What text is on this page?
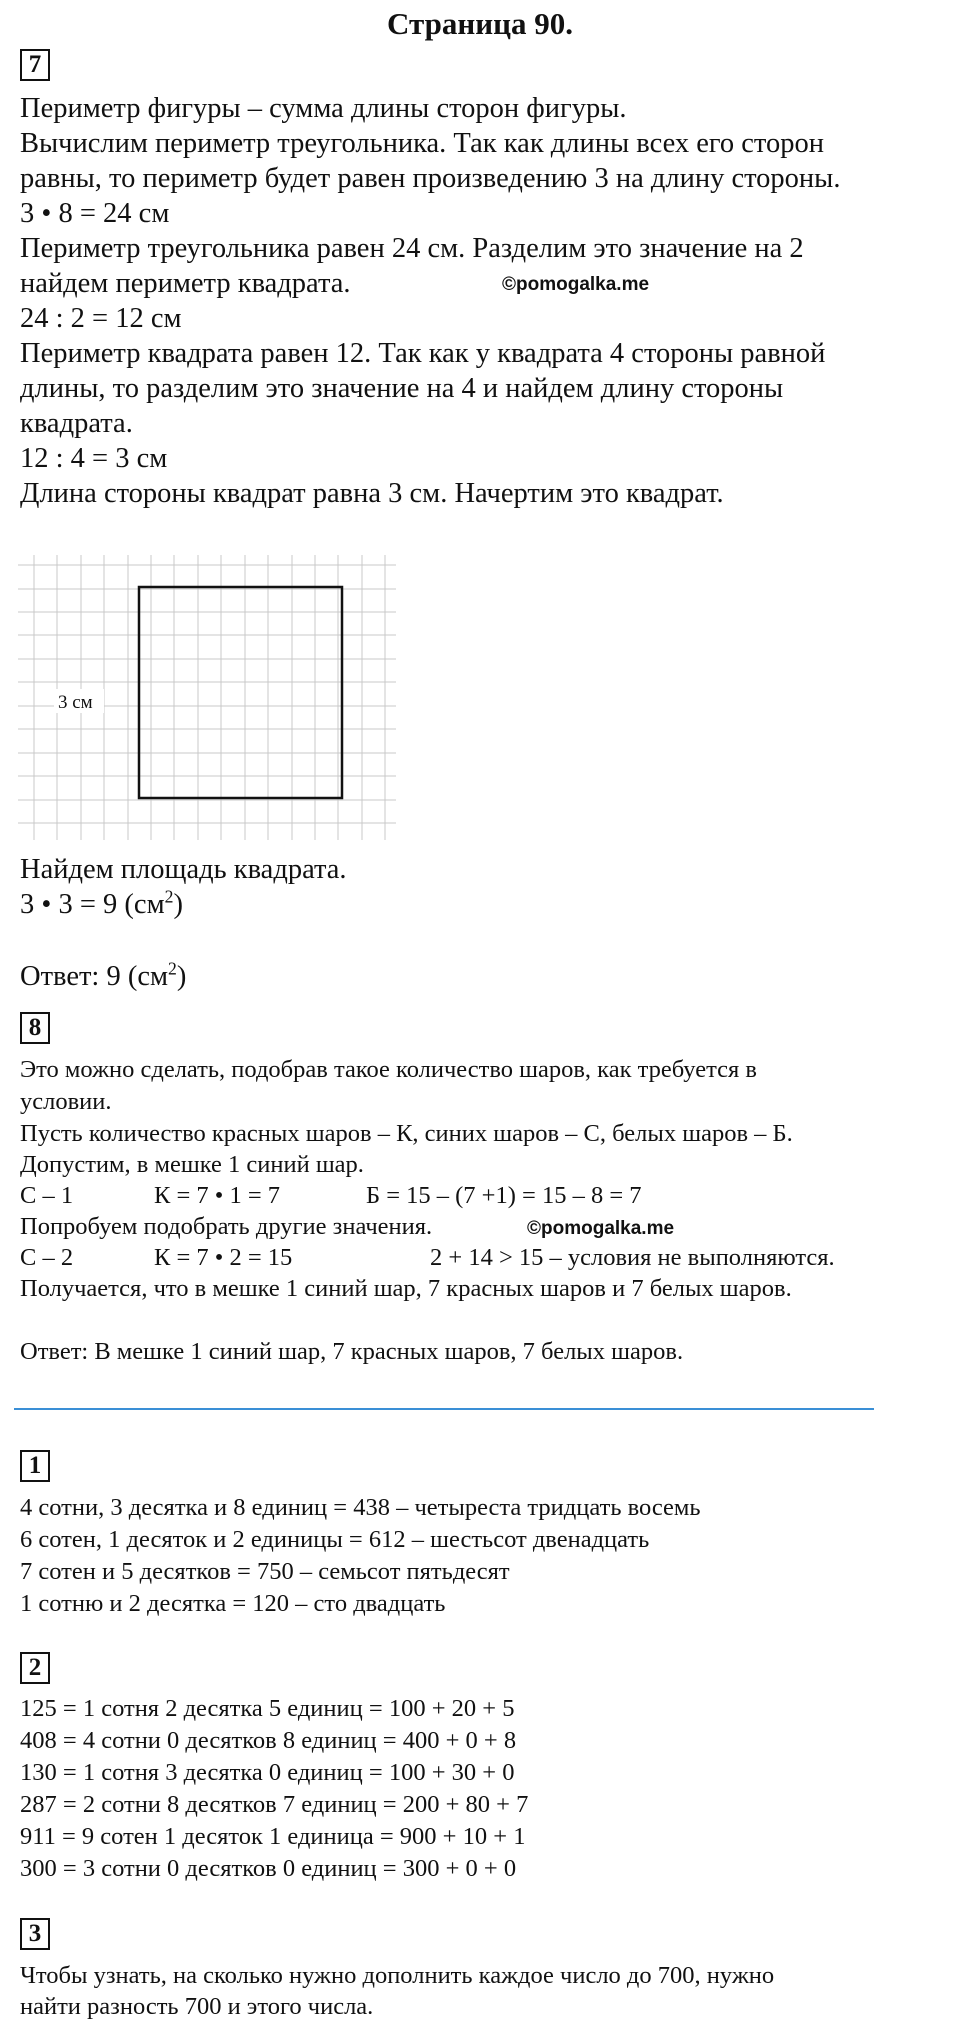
Страница 90.
7
Периметр фигуры – сумма длины сторон фигуры.
Вычислим периметр треугольника. Так как длины всех его сторон
равны, то периметр будет равен произведению 3 на длину стороны.
3 • 8 = 24 см
Периметр треугольника равен 24 см. Разделим это значение на 2
найдем периметр квадрата.	©pomogalka.me
24 : 2 = 12 см
Периметр квадрата равен 12. Так как у квадрата 4 стороны равной
длины, то разделим это значение на 4 и найдем длину стороны
квадрата.
12 : 4 = 3 см
Длина стороны квадрат равна 3 см. Начертим это квадрат.
3 см
Найдем площадь квадрата.
3 • 3 = 9 $(см^2)$
Ответ: 9 $(см^2)$
8
Это можно сделать, подобрав такое количество шаров, как требуется в
условии.
Пусть количество красных шаров – К, синих шаров – С, белых шаров – Б.
Допустим, в мешке 1 синий шар.
С – 1	К = 7 • 1 = 7	Б = 15 – (7 +1) = 15 – 8 = 7
Попробуем подобрать другие значения.	©pomogalka.me
С – 2	К = 7 • 2 = 15	2 + 14 > 15 – условия не выполняются.
Получается, что в мешке 1 синий шар, 7 красных шаров и 7 белых шаров.
Ответ: В мешке 1 синий шар, 7 красных шаров, 7 белых шаров.
1
4 сотни, 3 десятка и 8 единиц = 438 – четыреста тридцать восемь
6 сотен, 1 десяток и 2 единицы = 612 – шестьсот двенадцать
7 сотен и 5 десятков = 750 – семьсот пятьдесят
1 сотню и 2 десятка = 120 – сто двадцать
2
125 = 1 сотня 2 десятка 5 единиц = 100 + 20 + 5
408 = 4 сотни 0 десятков 8 единиц = 400 + 0 + 8
130 = 1 сотня 3 десятка 0 единиц = 100 + 30 + 0
287 = 2 сотни 8 десятков 7 единиц = 200 + 80 + 7
911 = 9 сотен 1 десяток 1 единица = 900 + 10 + 1
300 = 3 сотни 0 десятков 0 единиц = 300 + 0 + 0
3
Чтобы узнать, на сколько нужно дополнить каждое число до 700, нужно
найти разность 700 и этого числа.
